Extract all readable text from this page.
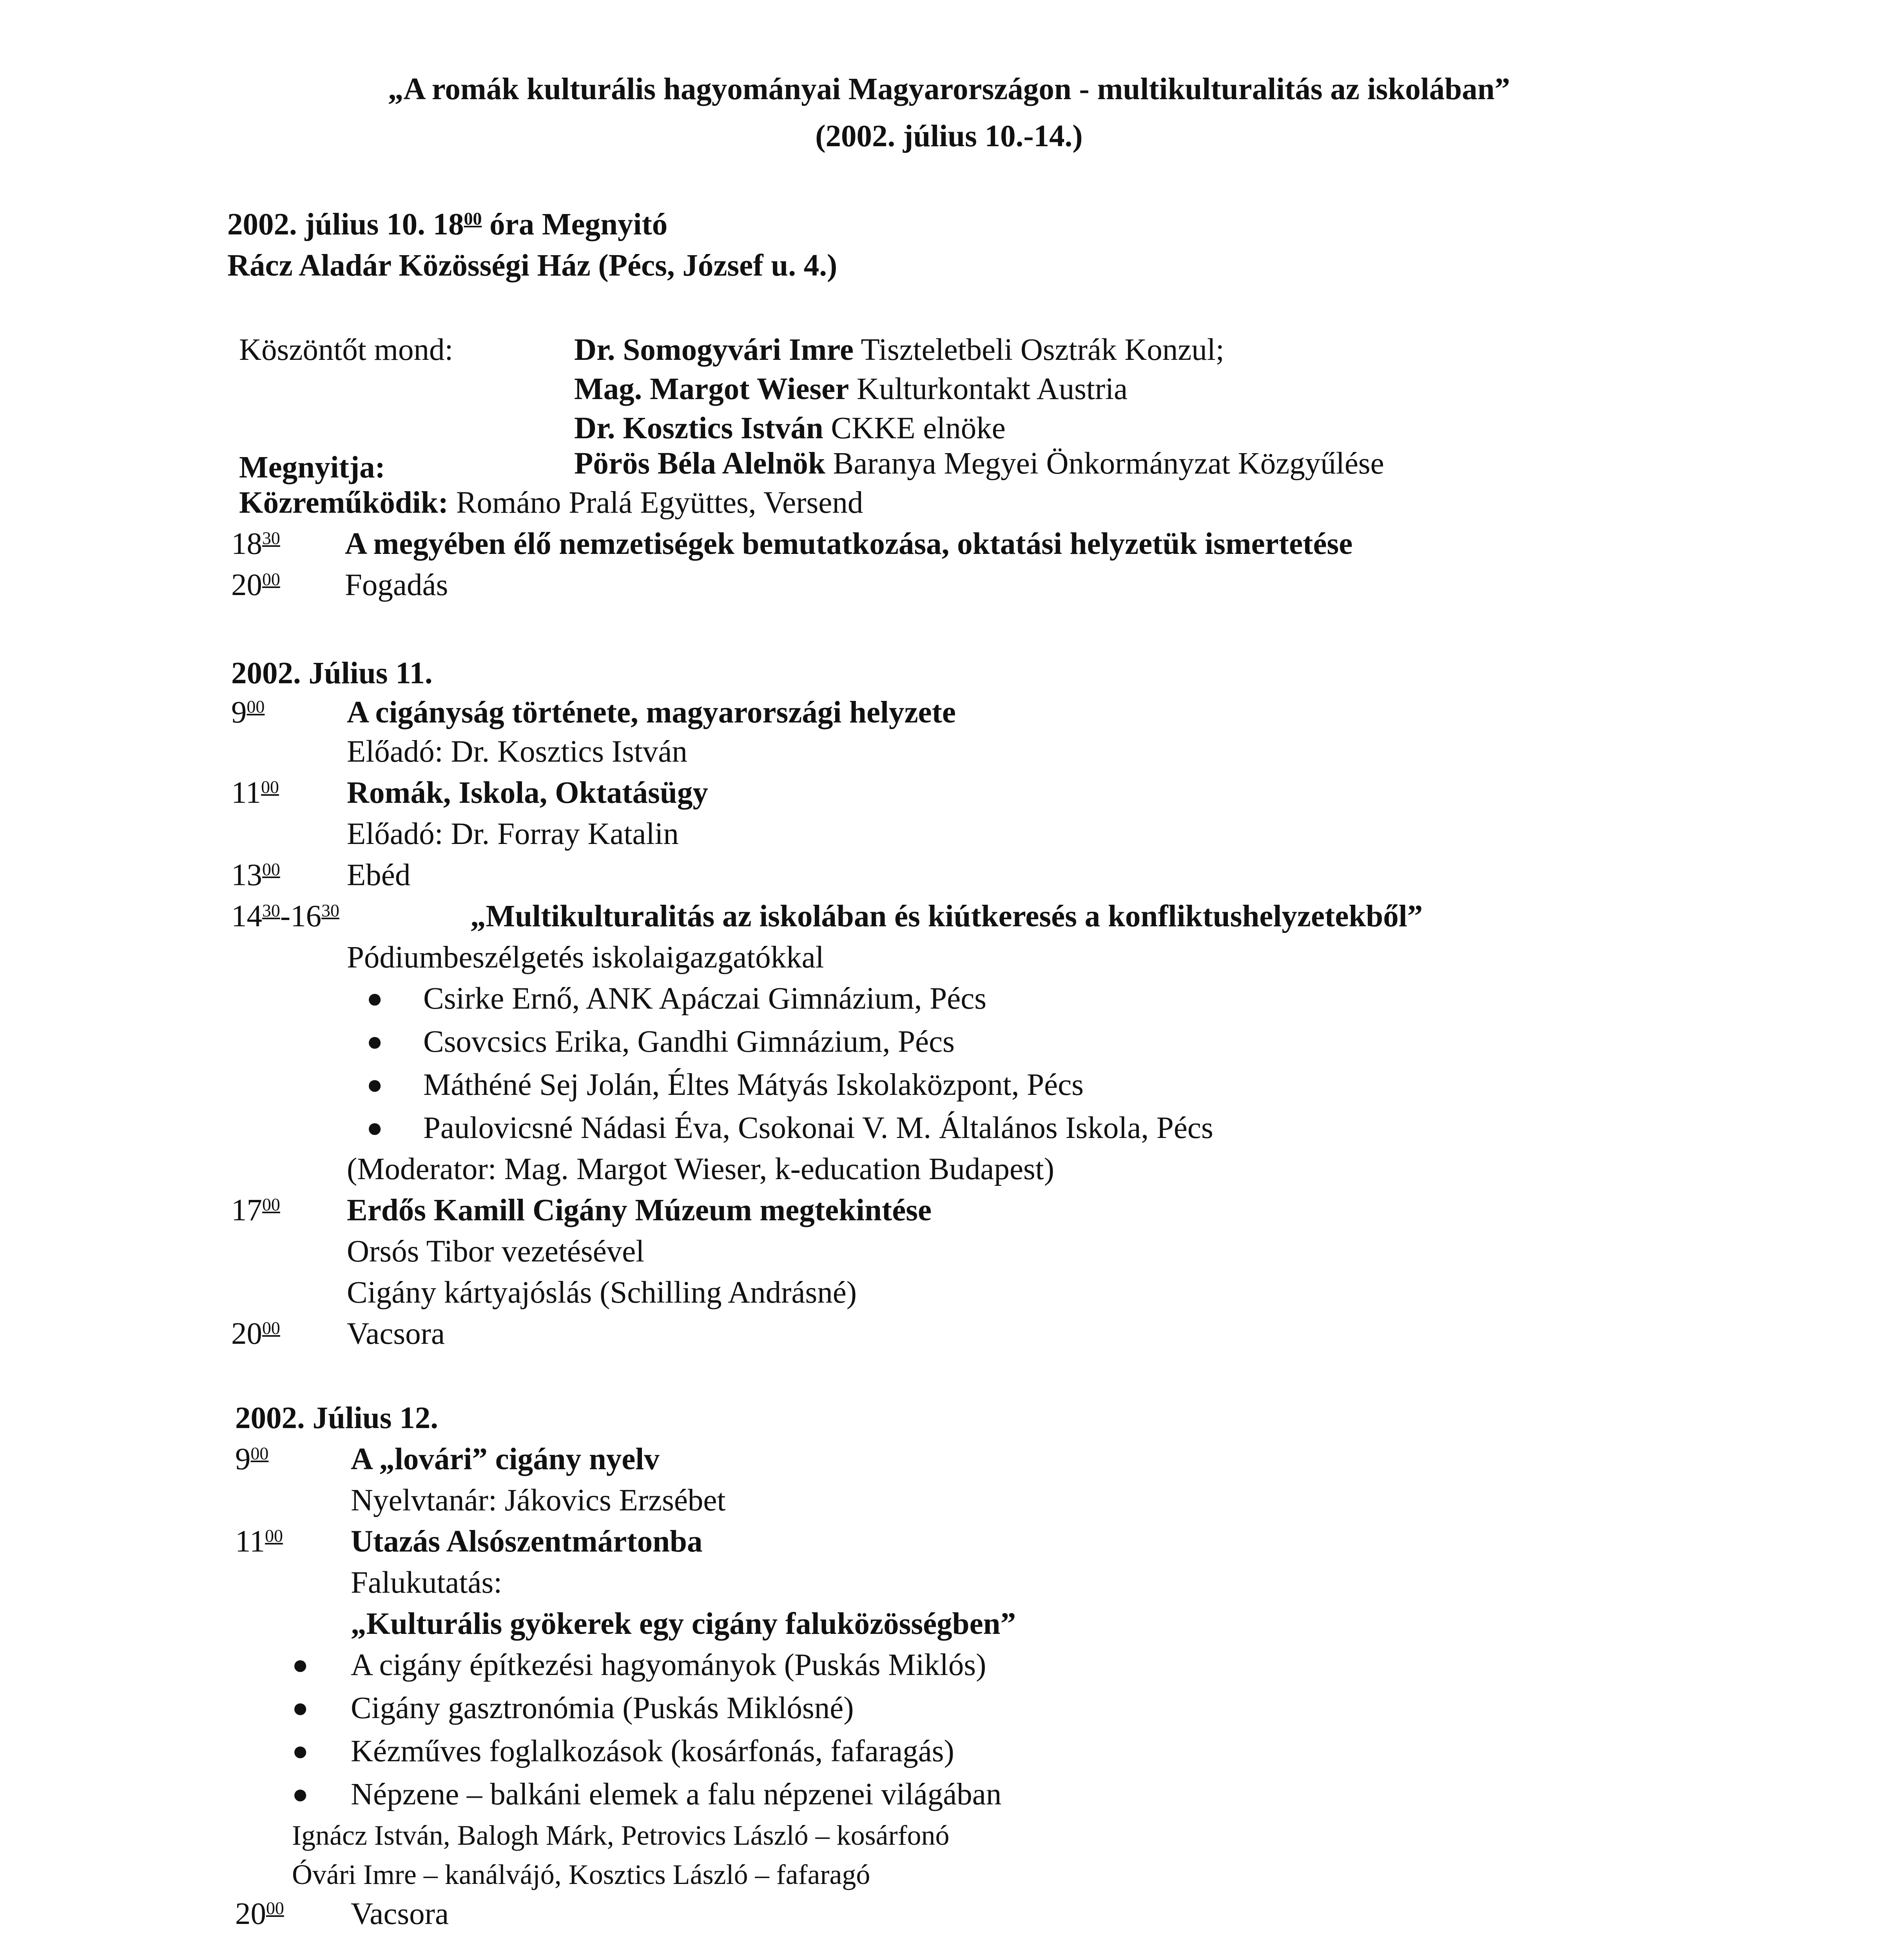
„A romák kulturális hagyományai Magyarországon - multikulturalitás az iskolában”
(2002. július 10.-14.)
2002. július 10. $18^{00}$ óra Megnyitó
Rácz Aladár Közösségi Ház (Pécs, József u. 4.)
Köszöntőt mond:	Dr. Somogyvári Imre Tiszteletbeli Osztrák Konzul;
Mag. Margot Wieser Kulturkontakt Austria
Dr. Kosztics István CKKE elnöke
Megnyitja:	Pörös Béla Alelnök Baranya Megyei Önkormányzat Közgyűlése
Közreműködik: Románo Pralá Együttes, Versend
$18^{30}$ A megyében élő nemzetiségek bemutatkozása, oktatási helyzetük ismertetése
$20^{00}$ Fogadás
2002. Július 11.
$9^{00}$	A cigányság története, magyarországi helyzete
Előadó: Dr. Kosztics István
$11^{00}$ Romák, Iskola, Oktatásügy
Előadó: Dr. Forray Katalin
$13^{00}$ Ebéd
$14^{30}-16^{30}$	„Multikulturalitás az iskolában és kiútkeresés a konfliktushelyzetekből”
Pódiumbeszélgetés iskolaigazgatókkal
● Csirke Ernő, ANK Apáczai Gimnázium, Pécs
● Csovcsics Erika, Gandhi Gimnázium, Pécs
● Máthéné Sej Jolán, Éltes Mátyás Iskolaközpont, Pécs
● Paulovicsné Nádasi Éva, Csokonai V. M. Általános Iskola, Pécs
(Moderator: Mag. Margot Wieser, k-education Budapest)
$17^{00}$ Erdős Kamill Cigány Múzeum megtekintése
Orsós Tibor vezetésével
Cigány kártyajóslás (Schilling Andrásné)
$20^{00}$ Vacsora
2002. Július 12.
$9^{00}$	A „lovári” cigány nyelv
Nyelvtanár: Jákovics Erzsébet
$11^{00}$ Utazás Alsószentmártonba
Falukutatás:
„Kulturális gyökerek egy cigány faluközösségben”
● A cigány építkezési hagyományok (Puskás Miklós)
● Cigány gasztronómia (Puskás Miklósné)
● Kézműves foglalkozások (kosárfonás, fafaragás)
● Népzene – balkáni elemek a falu népzenei világában
Ignácz István, Balogh Márk, Petrovics László – kosárfonó
Óvári Imre – kanálvájó, Kosztics László – fafaragó
$20^{00}$ Vacsora
